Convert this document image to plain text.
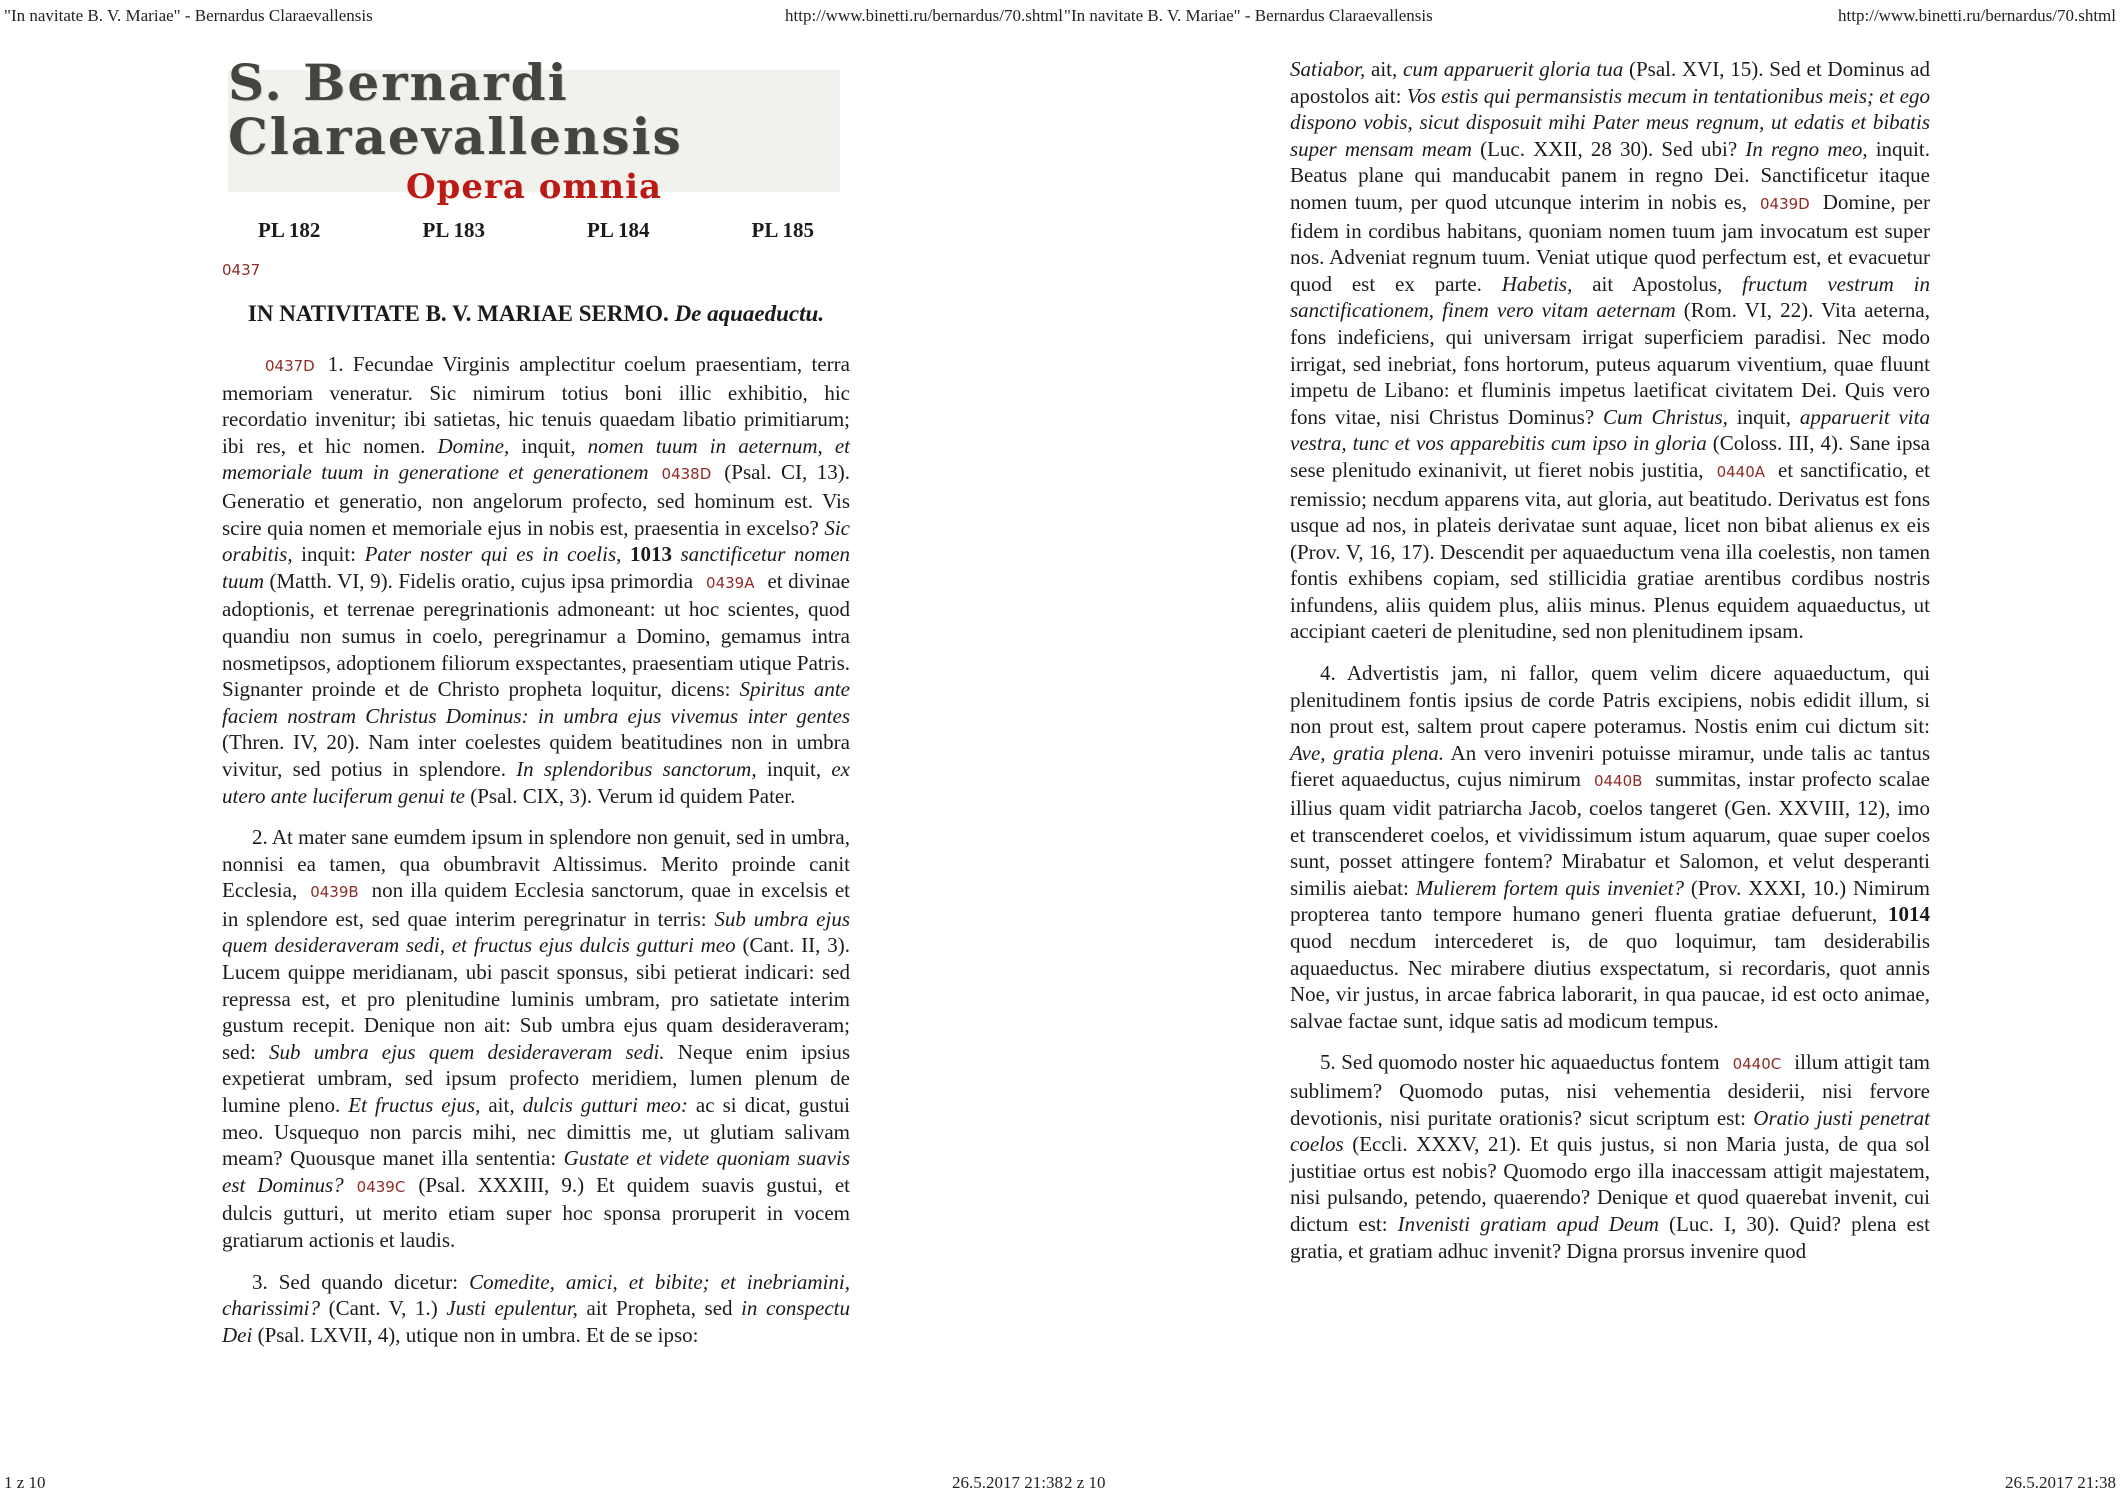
"In navitate B. V. Mariae" - Bernardus Claraevallensis	http://www.binetti.ru/bernardus/70.shtml "In navitate B. V. Mariae" - Bernardus Claraevallensis	http://www.binetti.ru/bernardus/70.shtml
S. Bernardi Claraevallensis
Opera omnia
PL 182	PL 183	PL 184	PL 185
0437
IN NATIVITATE B. V. MARIAE SERMO. De aquaeductu.

0437D 1. Fecundae Virginis amplectitur coelum praesentiam, terra memoriam veneratur. Sic nimirum totius boni illic exhibitio, hic recordatio invenitur; ibi satietas, hic tenuis quaedam libatio primitiarum; ibi res, et hic nomen. Domine, inquit, nomen tuum in aeternum, et memoriale tuum in generatione et generationem 0438D (Psal. CI, 13). Generatio et generatio, non angelorum profecto, sed hominum est. Vis scire quia nomen et memoriale ejus in nobis est, praesentia in excelso? Sic orabitis, inquit: Pater noster qui es in coelis, 1013 sanctificetur nomen tuum (Matth. VI, 9). Fidelis oratio, cujus ipsa primordia 0439A et divinae adoptionis, et terrenae peregrinationis admoneant: ut hoc scientes, quod quandiu non sumus in coelo, peregrinamur a Domino, gemamus intra nosmetipsos, adoptionem filiorum exspectantes, praesentiam utique Patris. Signanter proinde et de Christo propheta loquitur, dicens: Spiritus ante faciem nostram Christus Dominus: in umbra ejus vivemus inter gentes (Thren. IV, 20). Nam inter coelestes quidem beatitudines non in umbra vivitur, sed potius in splendore. In splendoribus sanctorum, inquit, ex utero ante luciferum genui te (Psal. CIX, 3). Verum id quidem Pater.

2. At mater sane eumdem ipsum in splendore non genuit, sed in umbra, nonnisi ea tamen, qua obumbravit Altissimus. Merito proinde canit Ecclesia, 0439B non illa quidem Ecclesia sanctorum, quae in excelsis et in splendore est, sed quae interim peregrinatur in terris: Sub umbra ejus quem desideraveram sedi, et fructus ejus dulcis gutturi meo (Cant. II, 3). Lucem quippe meridianam, ubi pascit sponsus, sibi petierat indicari: sed repressa est, et pro plenitudine luminis umbram, pro satietate interim gustum recepit. Denique non ait: Sub umbra ejus quam desideraveram; sed: Sub umbra ejus quem desideraveram sedi. Neque enim ipsius expetierat umbram, sed ipsum profecto meridiem, lumen plenum de lumine pleno. Et fructus ejus, ait, dulcis gutturi meo: ac si dicat, gustui meo. Usquequo non parcis mihi, nec dimittis me, ut glutiam salivam meam? Quousque manet illa sententia: Gustate et videte quoniam suavis est Dominus? 0439C (Psal. XXXIII, 9.) Et quidem suavis gustui, et dulcis gutturi, ut merito etiam super hoc sponsa proruperit in vocem gratiarum actionis et laudis.

3. Sed quando dicetur: Comedite, amici, et bibite; et inebriamini, charissimi? (Cant. V, 1.) Justi epulentur, ait Propheta, sed in conspectu Dei (Psal. LXVII, 4), utique non in umbra. Et de se ipso:

Satiabor, ait, cum apparuerit gloria tua (Psal. XVI, 15). Sed et Dominus ad apostolos ait: Vos estis qui permansistis mecum in tentationibus meis; et ego dispono vobis, sicut disposuit mihi Pater meus regnum, ut edatis et bibatis super mensam meam (Luc. XXII, 28 30). Sed ubi? In regno meo, inquit. Beatus plane qui manducabit panem in regno Dei. Sanctificetur itaque nomen tuum, per quod utcunque interim in nobis es, 0439D Domine, per fidem in cordibus habitans, quoniam nomen tuum jam invocatum est super nos. Adveniat regnum tuum. Veniat utique quod perfectum est, et evacuetur quod est ex parte. Habetis, ait Apostolus, fructum vestrum in sanctificationem, finem vero vitam aeternam (Rom. VI, 22). Vita aeterna, fons indeficiens, qui universam irrigat superficiem paradisi. Nec modo irrigat, sed inebriat, fons hortorum, puteus aquarum viventium, quae fluunt impetu de Libano: et fluminis impetus laetificat civitatem Dei. Quis vero fons vitae, nisi Christus Dominus? Cum Christus, inquit, apparuerit vita vestra, tunc et vos apparebitis cum ipso in gloria (Coloss. III, 4). Sane ipsa sese plenitudo exinanivit, ut fieret nobis justitia, 0440A et sanctificatio, et remissio; necdum apparens vita, aut gloria, aut beatitudo. Derivatus est fons usque ad nos, in plateis derivatae sunt aquae, licet non bibat alienus ex eis (Prov. V, 16, 17). Descendit per aquaeductum vena illa coelestis, non tamen fontis exhibens copiam, sed stillicidia gratiae arentibus cordibus nostris infundens, aliis quidem plus, aliis minus. Plenus equidem aquaeductus, ut accipiant caeteri de plenitudine, sed non plenitudinem ipsam.

4. Advertistis jam, ni fallor, quem velim dicere aquaeductum, qui plenitudinem fontis ipsius de corde Patris excipiens, nobis edidit illum, si non prout est, saltem prout capere poteramus. Nostis enim cui dictum sit: Ave, gratia plena. An vero inveniri potuisse miramur, unde talis ac tantus fieret aquaeductus, cujus nimirum 0440B summitas, instar profecto scalae illius quam vidit patriarcha Jacob, coelos tangeret (Gen. XXVIII, 12), imo et transcenderet coelos, et vividissimum istum aquarum, quae super coelos sunt, posset attingere fontem? Mirabatur et Salomon, et velut desperanti similis aiebat: Mulierem fortem quis inveniet? (Prov. XXXI, 10.) Nimirum propterea tanto tempore humano generi fluenta gratiae defuerunt, 1014 quod necdum intercederet is, de quo loquimur, tam desiderabilis aquaeductus. Nec mirabere diutius exspectatum, si recordaris, quot annis Noe, vir justus, in arcae fabrica laborarit, in qua paucae, id est octo animae, salvae factae sunt, idque satis ad modicum tempus.

5. Sed quomodo noster hic aquaeductus fontem 0440C illum attigit tam sublimem? Quomodo putas, nisi vehementia desiderii, nisi fervore devotionis, nisi puritate orationis? sicut scriptum est: Oratio justi penetrat coelos (Eccli. XXXV, 21). Et quis justus, si non Maria justa, de qua sol justitiae ortus est nobis? Quomodo ergo illa inaccessam attigit majestatem, nisi pulsando, petendo, quaerendo? Denique et quod quaerebat invenit, cui dictum est: Invenisti gratiam apud Deum (Luc. I, 30). Quid? plena est gratia, et gratiam adhuc invenit? Digna prorsus invenire quod

1 z 10	26.5.2017 21:38 2 z 10	26.5.2017 21:38
